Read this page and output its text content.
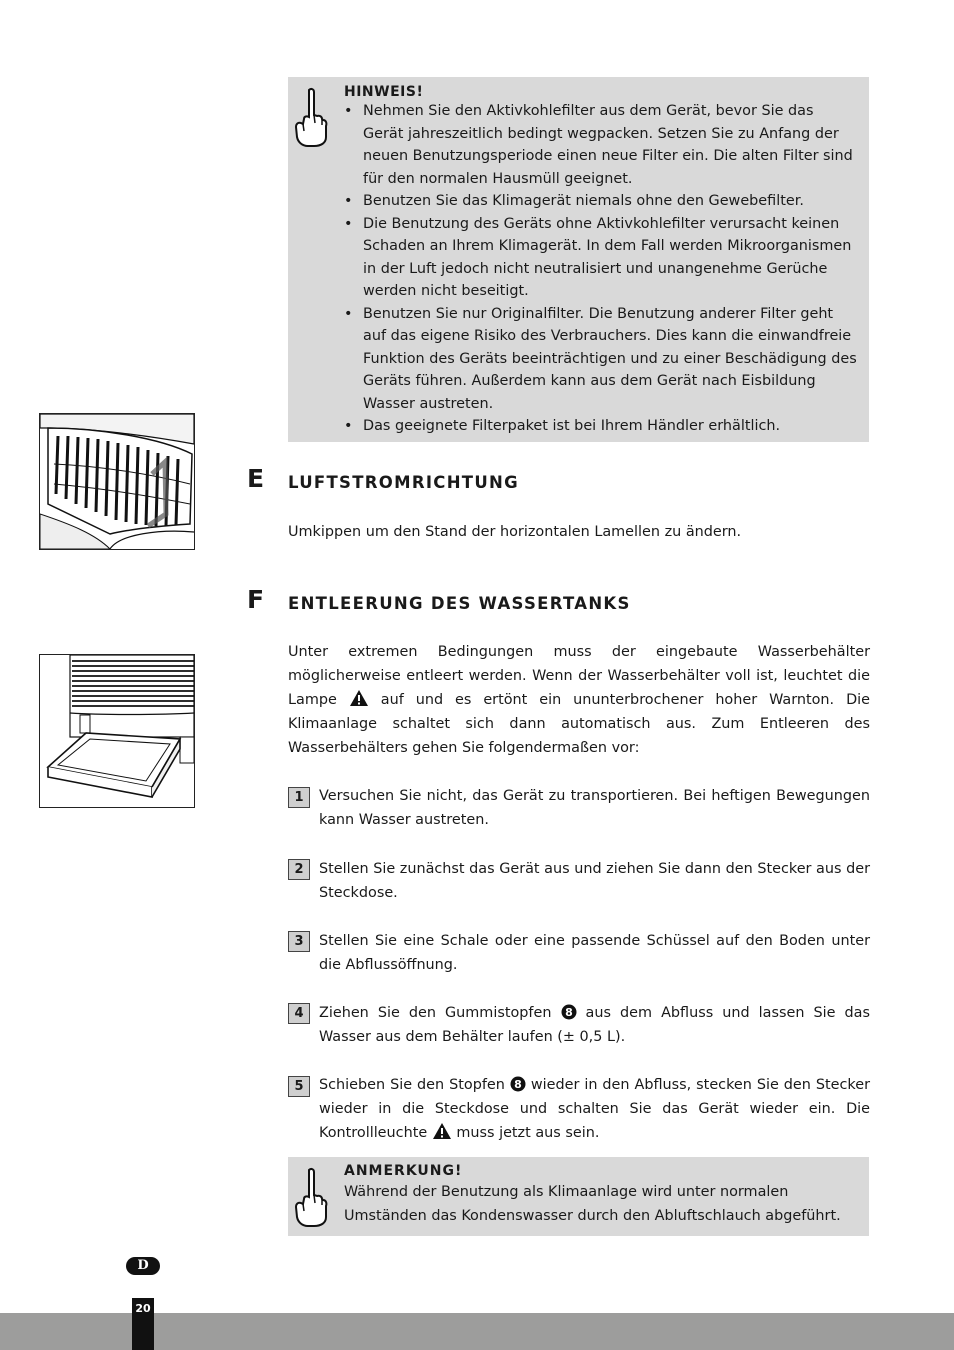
HINWEIS!
• Nehmen Sie den Aktivkohlefilter aus dem Gerät, bevor Sie das Gerät jahreszeitlich bedingt wegpacken. Setzen Sie zu Anfang der neuen Benutzungsperiode einen neue Filter ein. Die alten Filter sind für den normalen Hausmüll geeignet.
• Benutzen Sie das Klimagerät niemals ohne den Gewebefilter.
• Die Benutzung des Geräts ohne Aktivkohlefilter verursacht keinen Schaden an Ihrem Klimagerät. In dem Fall werden Mikroorganismen in der Luft jedoch nicht neutralisiert und unangenehme Gerüche werden nicht beseitigt.
• Benutzen Sie nur Originalfilter. Die Benutzung anderer Filter geht auf das eigene Risiko des Verbrauchers. Dies kann die einwandfreie Funktion des Geräts beeinträchtigen und zu einer Beschädigung des Geräts führen. Außerdem kann aus dem Gerät nach Eisbildung Wasser austreten.
• Das geeignete Filterpaket ist bei Ihrem Händler erhältlich.
E LUFTSTROMRICHTUNG
Umkippen um den Stand der horizontalen Lamellen zu ändern.
F ENTLEERUNG DES WASSERTANKS
Unter extremen Bedingungen muss der eingebaute Wasserbehälter möglicherweise entleert werden. Wenn der Wasserbehälter voll ist, leuchtet die Lampe	auf und es ertönt ein ununterbrochener hoher Warnton. Die Klimaanlage schaltet sich dann automatisch aus. Zum Entleeren des Wasserbehälters gehen Sie folgendermaßen vor:
1	Versuchen Sie nicht, das Gerät zu transportieren. Bei heftigen Bewegungen kann Wasser austreten.
2	Stellen Sie zunächst das Gerät aus und ziehen Sie dann den Stecker aus der Steckdose.
3	Stellen Sie eine Schale oder eine passende Schüssel auf den Boden unter die Abflussöffnung.
4	Ziehen Sie den Gummistopfen 8 aus dem Abfluss und lassen Sie das Wasser aus dem Behälter laufen (± 0,5 L).
5	Schieben Sie den Stopfen 8 wieder in den Abfluss, stecken Sie den Stecker wieder in die Steckdose und schalten Sie das Gerät wieder ein. Die Kontrollleuchte muss jetzt aus sein.
ANMERKUNG!
Während der Benutzung als Klimaanlage wird unter normalen Umständen das Kondenswasser durch den Abluftschlauch abgeführt.
D
20
